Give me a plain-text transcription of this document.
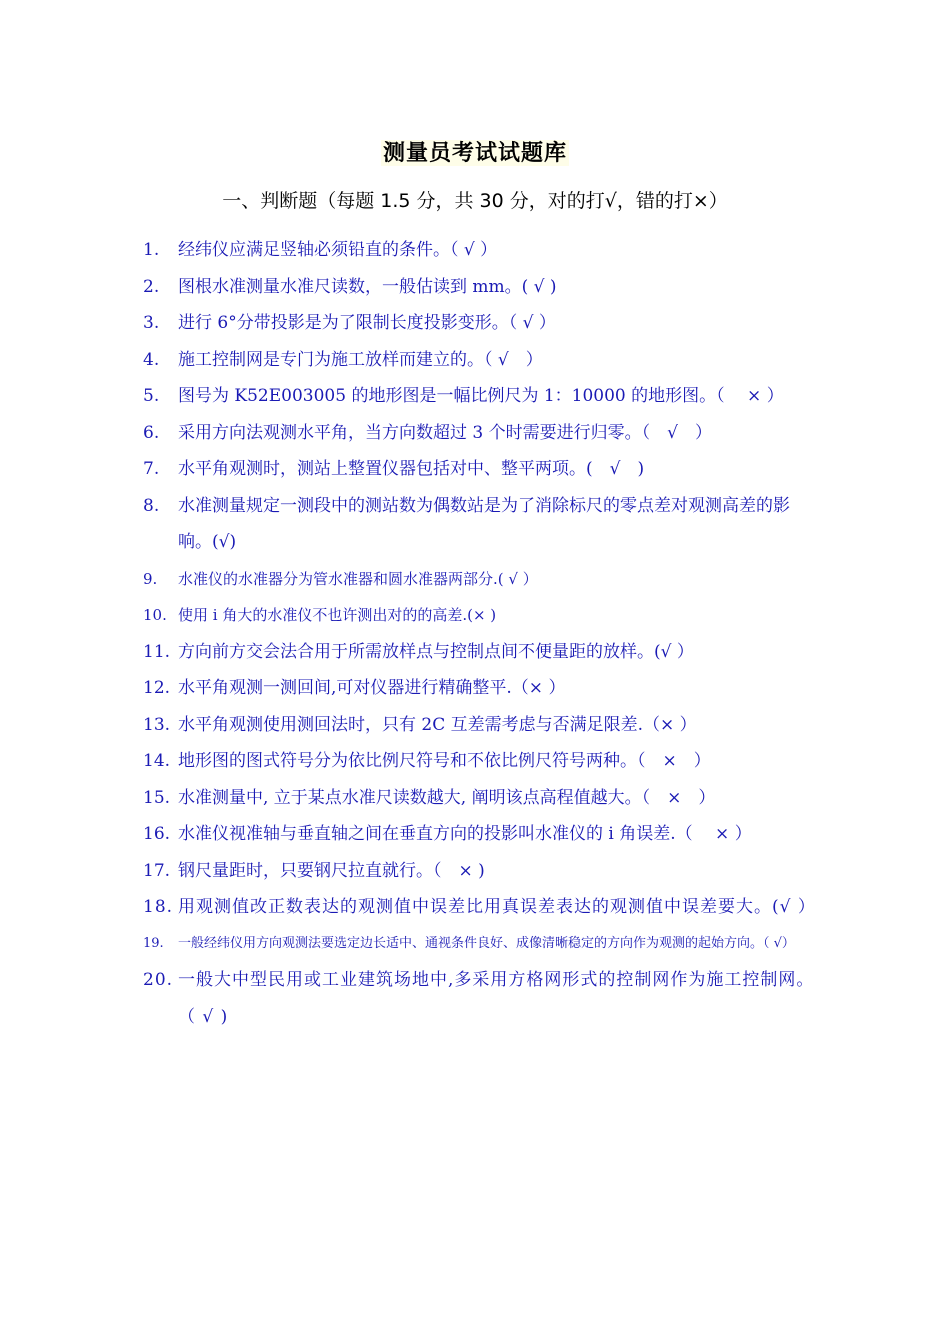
测量员考试试题库
一、判断题（每题 1.5 分，共 30 分，对的打√，错的打×）
1. 经纬仪应满足竖轴必须铅直的条件。（ √ ）
2. 图根水准测量水准尺读数，一般估读到 mm。( √ )
3. 进行 6°分带投影是为了限制长度投影变形。（ √ ）
4. 施工控制网是专门为施工放样而建立的。（ √　）
5. 图号为 K52E003005 的地形图是一幅比例尺为 1：10000 的地形图。（　 × ）
6. 采用方向法观测水平角，当方向数超过 3 个时需要进行归零。（　√　）
7. 水平角观测时，测站上整置仪器包括对中、整平两项。(　√　)
8. 水准测量规定一测段中的测站数为偶数站是为了消除标尺的零点差对观测高差的影响。(√)
9. 水准仪的水准器分为管水准器和圆水准器两部分.( √ ）
10. 使用 i 角大的水准仪不也许测出对的的高差.(× )
11. 方向前方交会法合用于所需放样点与控制点间不便量距的放样。(√ ）
12. 水平角观测一测回间,可对仪器进行精确整平.（× ）
13. 水平角观测使用测回法时，只有 2C 互差需考虑与否满足限差.（× ）
14. 地形图的图式符号分为依比例尺符号和不依比例尺符号两种。（　×　）
15. 水准测量中, 立于某点水准尺读数越大, 阐明该点高程值越大。（　×　）
16. 水准仪视准轴与垂直轴之间在垂直方向的投影叫水准仪的 i 角误差.（　 × ）
17. 钢尺量距时，只要钢尺拉直就行。（　× )
18. 用观测值改正数表达的观测值中误差比用真误差表达的观测值中误差要大。(√ ）
19. 一般经纬仪用方向观测法要选定边长适中、通视条件良好、成像清晰稳定的方向作为观测的起始方向。（ √）
20. 一般大中型民用或工业建筑场地中,多采用方格网形式的控制网作为施工控制网。（ √ )
